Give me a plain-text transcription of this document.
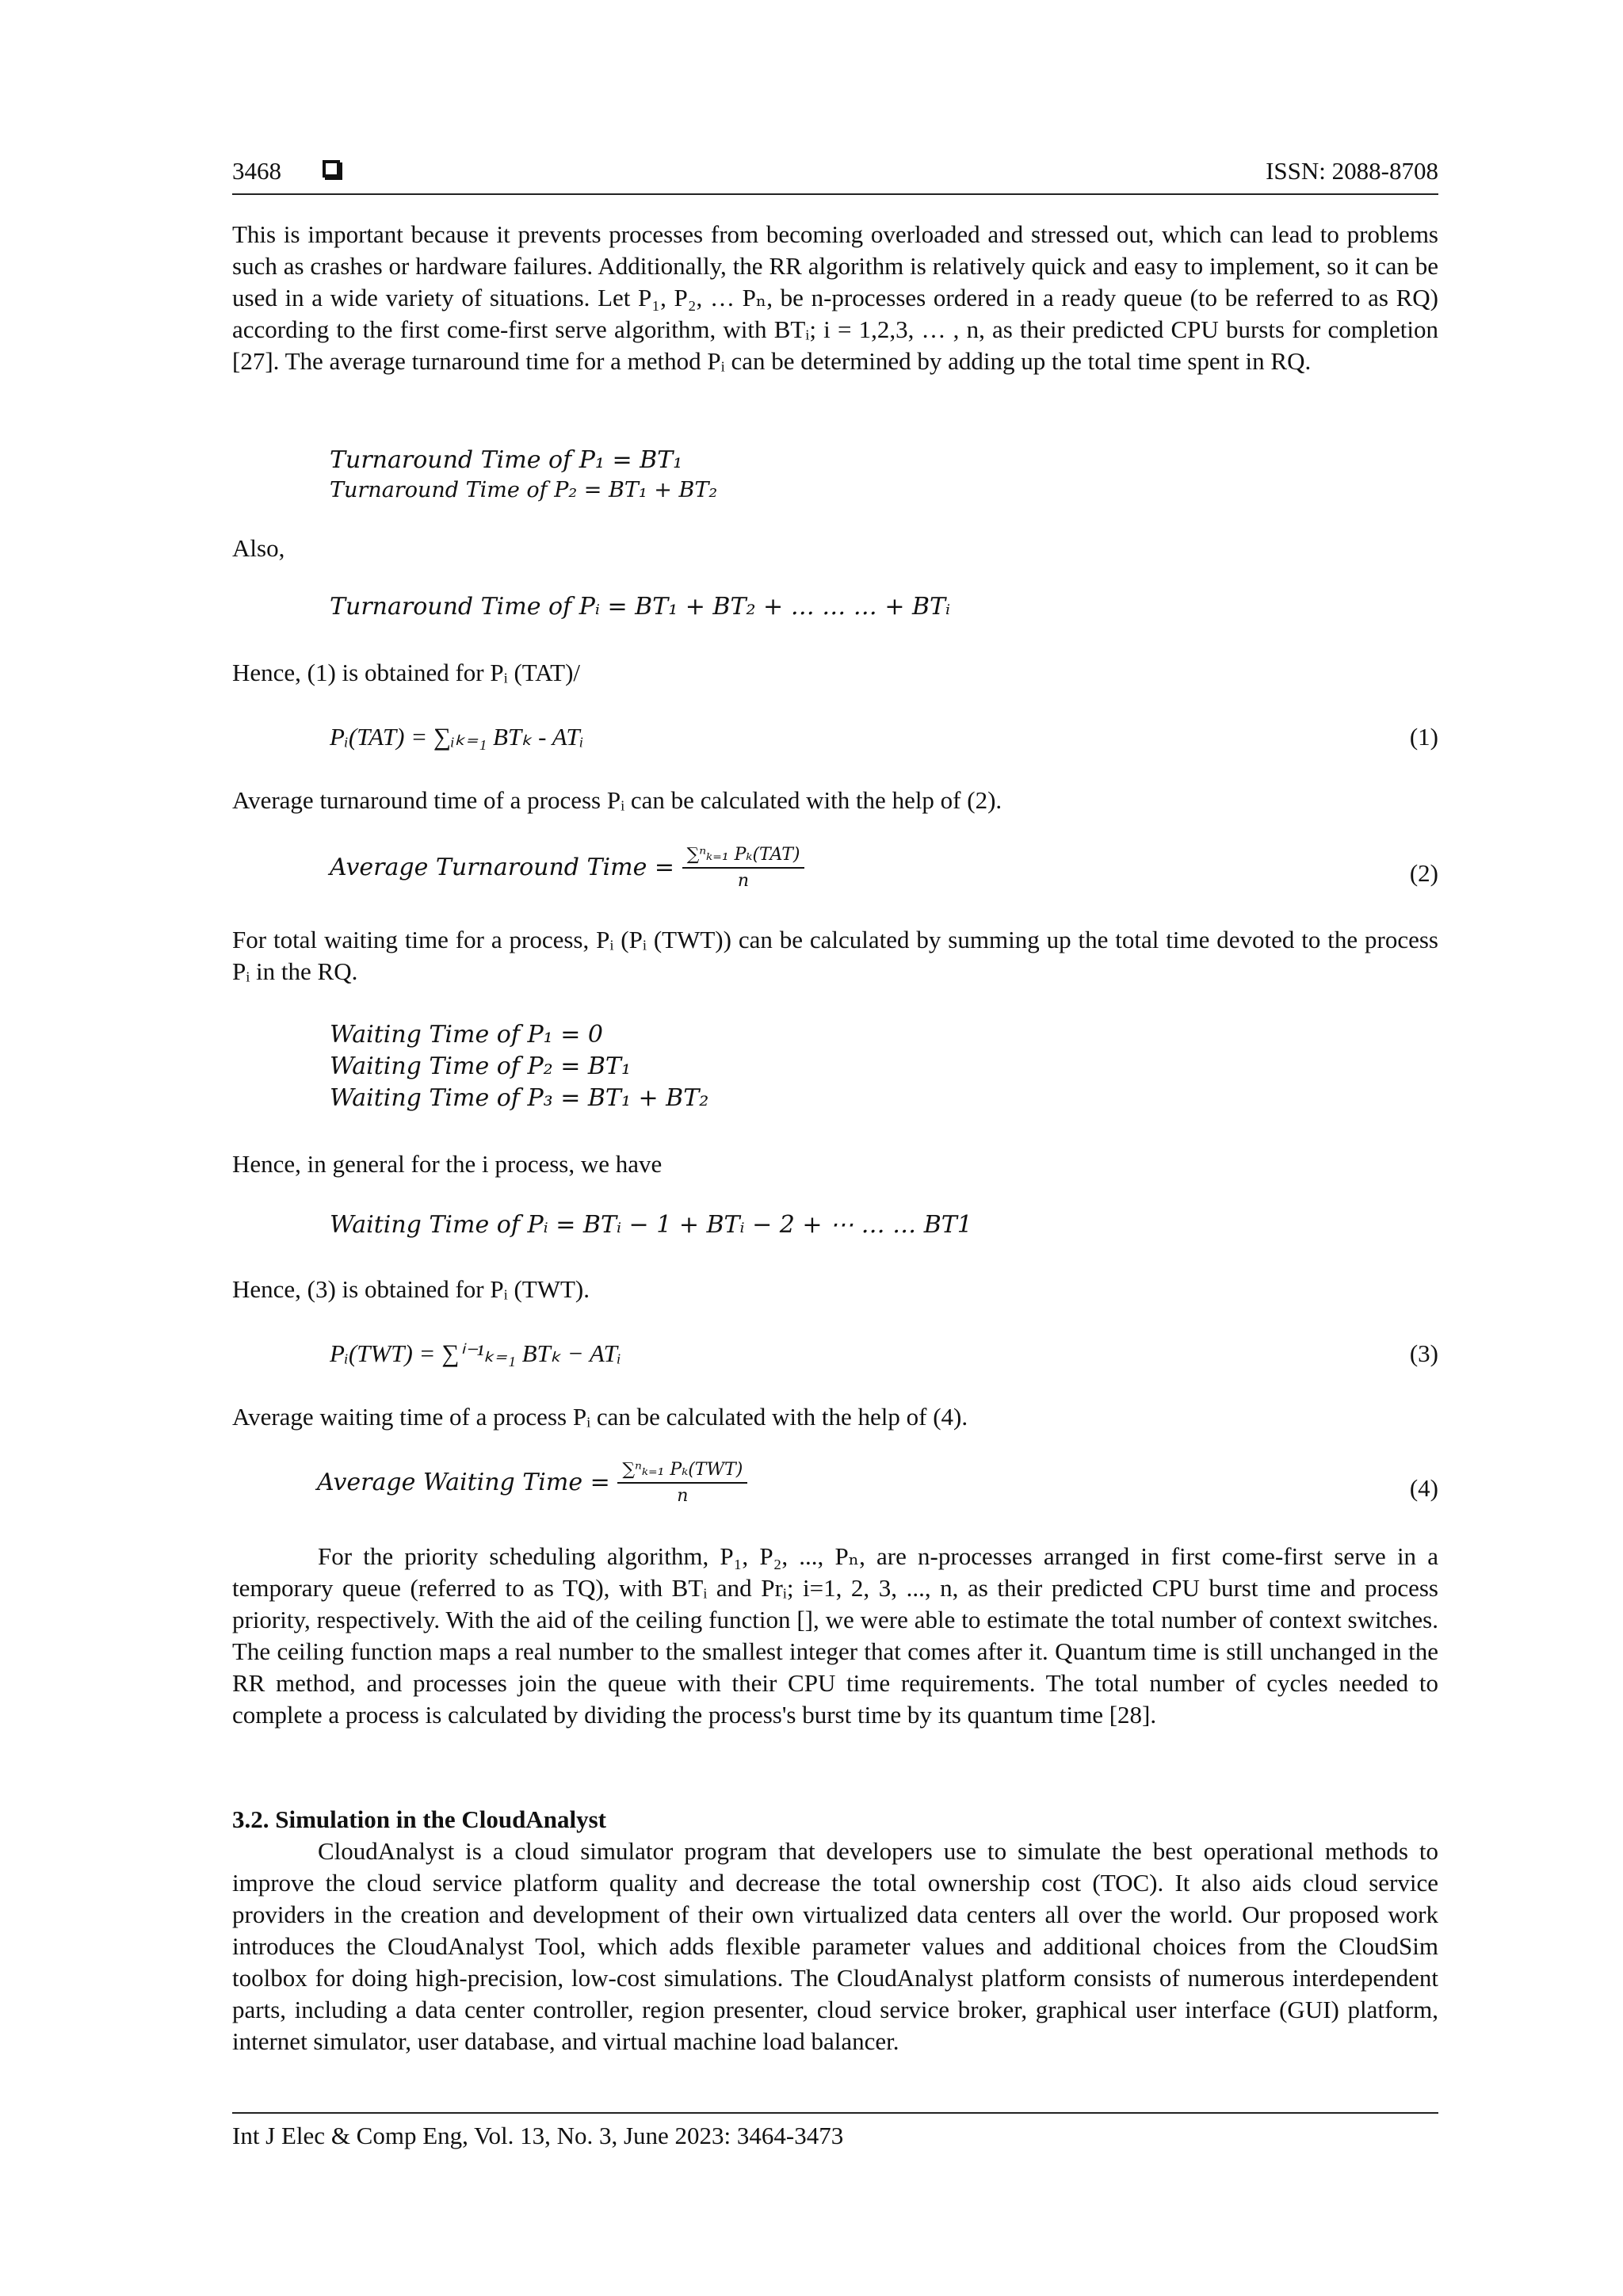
3468	ISSN: 2088-8708

This is important because it prevents processes from becoming overloaded and stressed out, which can lead to problems such as crashes or hardware failures. Additionally, the RR algorithm is relatively quick and easy to implement, so it can be used in a wide variety of situations. Let P₁, P₂, … Pₙ, be n-processes ordered in a ready queue (to be referred to as RQ) according to the first come-first serve algorithm, with BTᵢ; i = 1,2,3, … , n, as their predicted CPU bursts for completion [27]. The average turnaround time for a method Pᵢ can be determined by adding up the total time spent in RQ.

Turnaround Time of P₁ = BT₁
Turnaround Time of P₂ = BT₁ + BT₂

Also,

Turnaround Time of Pᵢ = BT₁ + BT₂ + … … … + BTᵢ

Hence, (1) is obtained for Pᵢ (TAT)/

Pᵢ(TAT) = ∑ᵢₖ₌₁ BTₖ - ATᵢ	(1)

Average turnaround time of a process Pᵢ can be calculated with the help of (2).

Average Turnaround Time = $\frac{\text{∑ⁿₖ₌₁ Pₖ(TAT)}}{n}$	(2)

For total waiting time for a process, Pᵢ (Pᵢ (TWT)) can be calculated by summing up the total time devoted to the process Pᵢ in the RQ.

Waiting Time of P₁ = 0
Waiting Time of P₂ = BT₁
Waiting Time of P₃ = BT₁ + BT₂

Hence, in general for the i process, we have

Waiting Time of Pᵢ = BTᵢ − 1 + BTᵢ − 2 + ⋯ … … BT1

Hence, (3) is obtained for Pᵢ (TWT).

Pᵢ(TWT) = ∑ⁱ⁻¹ₖ₌₁ BTₖ − ATᵢ	(3)

Average waiting time of a process Pᵢ can be calculated with the help of (4).

Average Waiting Time = $\frac{\text{∑ⁿₖ₌₁ Pₖ(TWT)}}{n}$	(4)

For the priority scheduling algorithm, P₁, P₂, ..., Pₙ, are n-processes arranged in first come-first serve in a temporary queue (referred to as TQ), with BTᵢ and Prᵢ; i=1, 2, 3, ..., n, as their predicted CPU burst time and process priority, respectively. With the aid of the ceiling function [], we were able to estimate the total number of context switches. The ceiling function maps a real number to the smallest integer that comes after it. Quantum time is still unchanged in the RR method, and processes join the queue with their CPU time requirements. The total number of cycles needed to complete a process is calculated by dividing the process's burst time by its quantum time [28].

3.2. Simulation in the CloudAnalyst

CloudAnalyst is a cloud simulator program that developers use to simulate the best operational methods to improve the cloud service platform quality and decrease the total ownership cost (TOC). It also aids cloud service providers in the creation and development of their own virtualized data centers all over the world. Our proposed work introduces the CloudAnalyst Tool, which adds flexible parameter values and additional choices from the CloudSim toolbox for doing high-precision, low-cost simulations. The CloudAnalyst platform consists of numerous interdependent parts, including a data center controller, region presenter, cloud service broker, graphical user interface (GUI) platform, internet simulator, user database, and virtual machine load balancer.

Int J Elec & Comp Eng, Vol. 13, No. 3, June 2023: 3464-3473
